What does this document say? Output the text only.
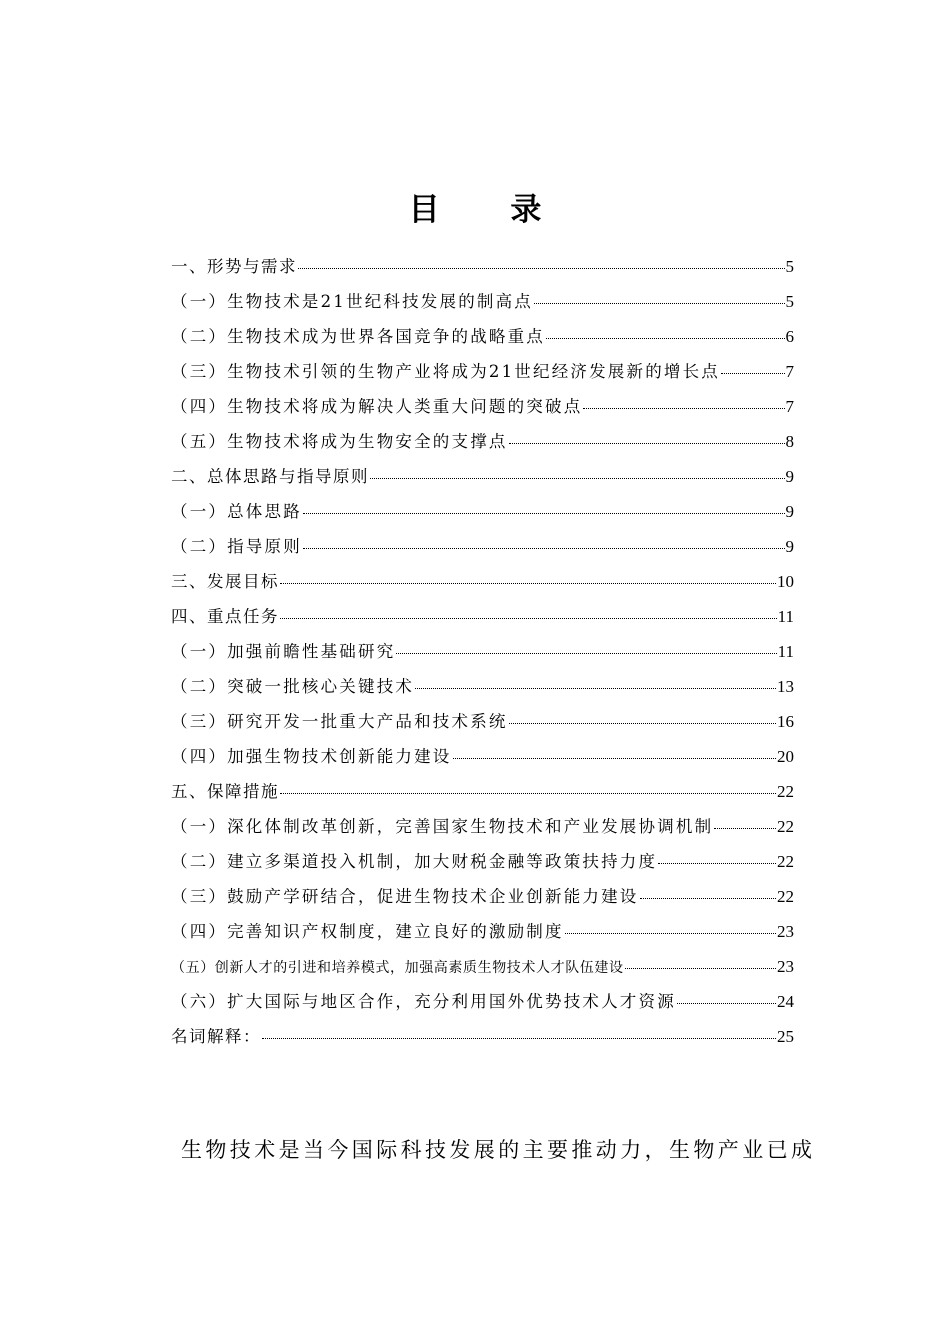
目 录
一、形势与需求	5
（一）生物技术是21世纪科技发展的制高点	5
（二）生物技术成为世界各国竞争的战略重点	6
（三）生物技术引领的生物产业将成为21世纪经济发展新的增长点	7
（四）生物技术将成为解决人类重大问题的突破点	7
（五）生物技术将成为生物安全的支撑点	8
二、总体思路与指导原则	9
（一）总体思路	9
（二）指导原则	9
三、发展目标	10
四、重点任务	11
（一）加强前瞻性基础研究	11
（二）突破一批核心关键技术	13
（三）研究开发一批重大产品和技术系统	16
（四）加强生物技术创新能力建设	20
五、保障措施	22
（一）深化体制改革创新，完善国家生物技术和产业发展协调机制	22
（二）建立多渠道投入机制，加大财税金融等政策扶持力度	22
（三）鼓励产学研结合，促进生物技术企业创新能力建设	22
（四）完善知识产权制度，建立良好的激励制度	23
（五）创新人才的引进和培养模式，加强高素质生物技术人才队伍建设	23
（六）扩大国际与地区合作，充分利用国外优势技术人才资源	24
名词解释：	25
生物技术是当今国际科技发展的主要推动力，生物产业已成
